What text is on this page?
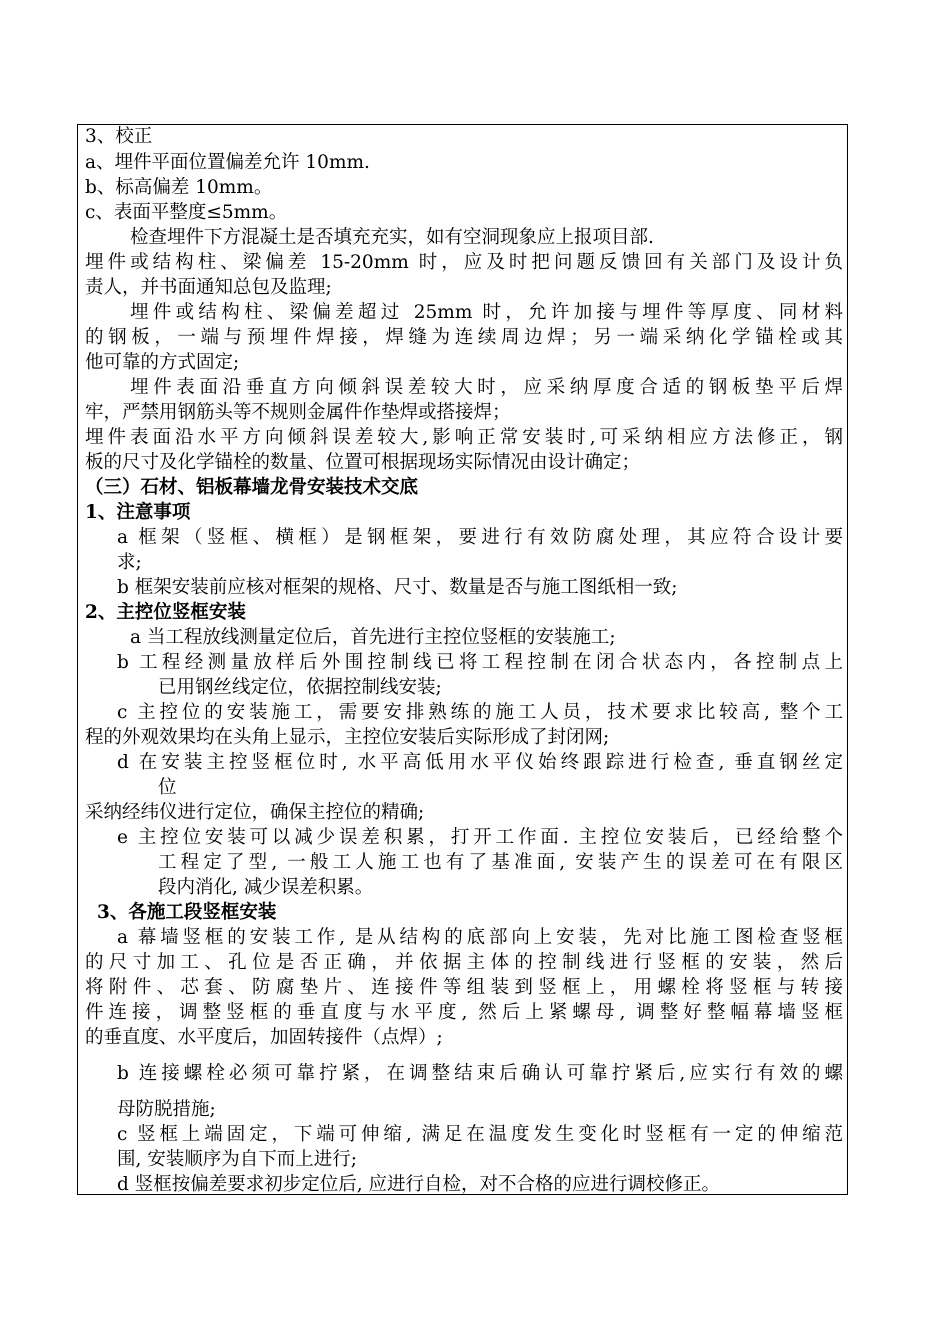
3、校正
a、埋件平面位置偏差允许 10mm.
b、标高偏差 10mm。
c、表面平整度≤5mm。
检查埋件下方混凝土是否填充充实，如有空洞现象应上报项目部.
埋件或结构柱、梁偏差 15-20mm 时，应及时把问题反馈回有关部门及设计负
责人，并书面通知总包及监理;
埋件或结构柱、梁偏差超过 25mm 时，允许加接与埋件等厚度、同材料
的钢板，一端与预埋件焊接，焊缝为连续周边焊；另一端采纳化学锚栓或其
他可靠的方式固定;
埋件表面沿垂直方向倾斜误差较大时，应采纳厚度合适的钢板垫平后焊
牢，严禁用钢筋头等不规则金属件作垫焊或搭接焊；
埋件表面沿水平方向倾斜误差较大,影响正常安装时,可采纳相应方法修正，钢
板的尺寸及化学锚栓的数量、位置可根据现场实际情况由设计确定；
（三）石材、铝板幕墙龙骨安装技术交底
1、注意事项
a 框架（竖框、横框）是钢框架，要进行有效防腐处理，其应符合设计要
求;
b 框架安装前应核对框架的规格、尺寸、数量是否与施工图纸相一致;
2、主控位竖框安装
a 当工程放线测量定位后，首先进行主控位竖框的安装施工;
b 工程经测量放样后外围控制线已将工程控制在闭合状态内，各控制点上
已用钢丝线定位，依据控制线安装;
c 主控位的安装施工，需要安排熟练的施工人员，技术要求比较高, 整个工
程的外观效果均在头角上显示，主控位安装后实际形成了封闭网;
d 在安装主控竖框位时, 水平高低用水平仪始终跟踪进行检查, 垂直钢丝定
位
采纳经纬仪进行定位，确保主控位的精确;
e 主控位安装可以减少误差积累，打开工作面. 主控位安装后，已经给整个
工程定了型, 一般工人施工也有了基准面, 安装产生的误差可在有限区
段内消化, 减少误差积累。
3、各施工段竖框安装
a 幕墙竖框的安装工作, 是从结构的底部向上安装，先对比施工图检查竖框
的尺寸加工、孔位是否正确，并依据主体的控制线进行竖框的安装，然后
将附件、芯套、防腐垫片、连接件等组装到竖框上，用螺栓将竖框与转接
件连接，调整竖框的垂直度与水平度, 然后上紧螺母, 调整好整幅幕墙竖框
的垂直度、水平度后，加固转接件（点焊）;
b 连接螺栓必须可靠拧紧，在调整结束后确认可靠拧紧后,应实行有效的螺
母防脱措施;
c 竖框上端固定，下端可伸缩, 满足在温度发生变化时竖框有一定的伸缩范
围, 安装顺序为自下而上进行;
d 竖框按偏差要求初步定位后, 应进行自检，对不合格的应进行调校修正。
